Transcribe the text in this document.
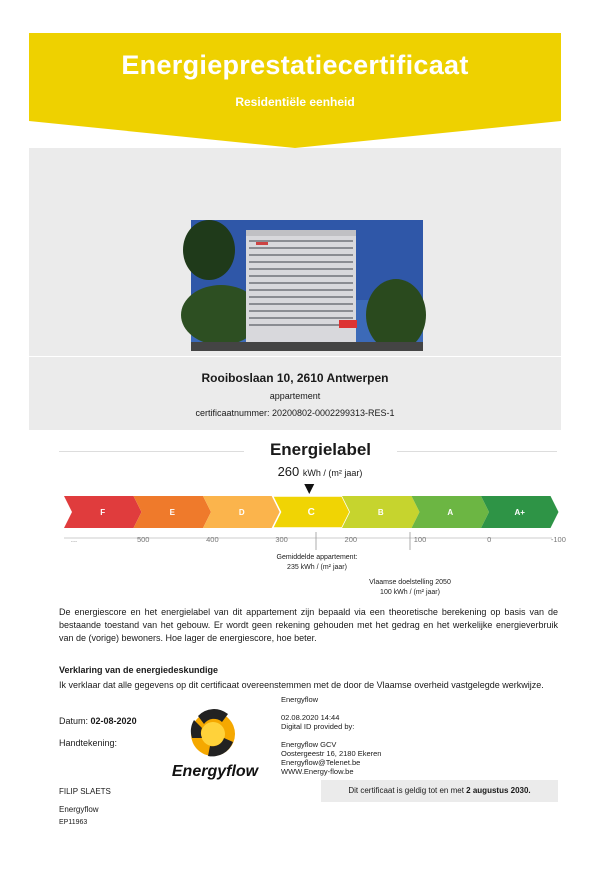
Energieprestatiecertificaat
Residentiële eenheid
Rooiboslaan 10, 2610 Antwerpen
appartement
certificaatnummer: 20200802-0002299313-RES-1
Energielabel
260 kWh / (m² jaar)
F	E	D	C	B	A	A+
...	500	400	300	200	100	0	-100
Gemiddelde appartement:
235 kWh / (m² jaar)
Vlaamse doelstelling 2050
100 kWh / (m² jaar)
De energiescore en het energielabel van dit appartement zijn bepaald via een theoretische berekening op basis van de bestaande toestand van het gebouw. Er wordt geen rekening gehouden met het gedrag en het werkelijke energieverbruik van de (vorige) bewoners. Hoe lager de energiescore, hoe beter.
Verklaring van de energiedeskundige
Ik verklaar dat alle gegevens op dit certificaat overeenstemmen met de door de Vlaamse overheid vastgelegde werkwijze.
Datum: 02-08-2020
Handtekening:
Energyflow
Energyflow
02.08.2020 14:44
Digital ID provided by:
Energyflow GCV
Oostergeestr 16, 2180 Ekeren
Energyflow@Telenet.be
WWW.Energy-flow.be
Dit certificaat is geldig tot en met 2 augustus 2030.
FILIP SLAETS
Energyflow
EP11963
